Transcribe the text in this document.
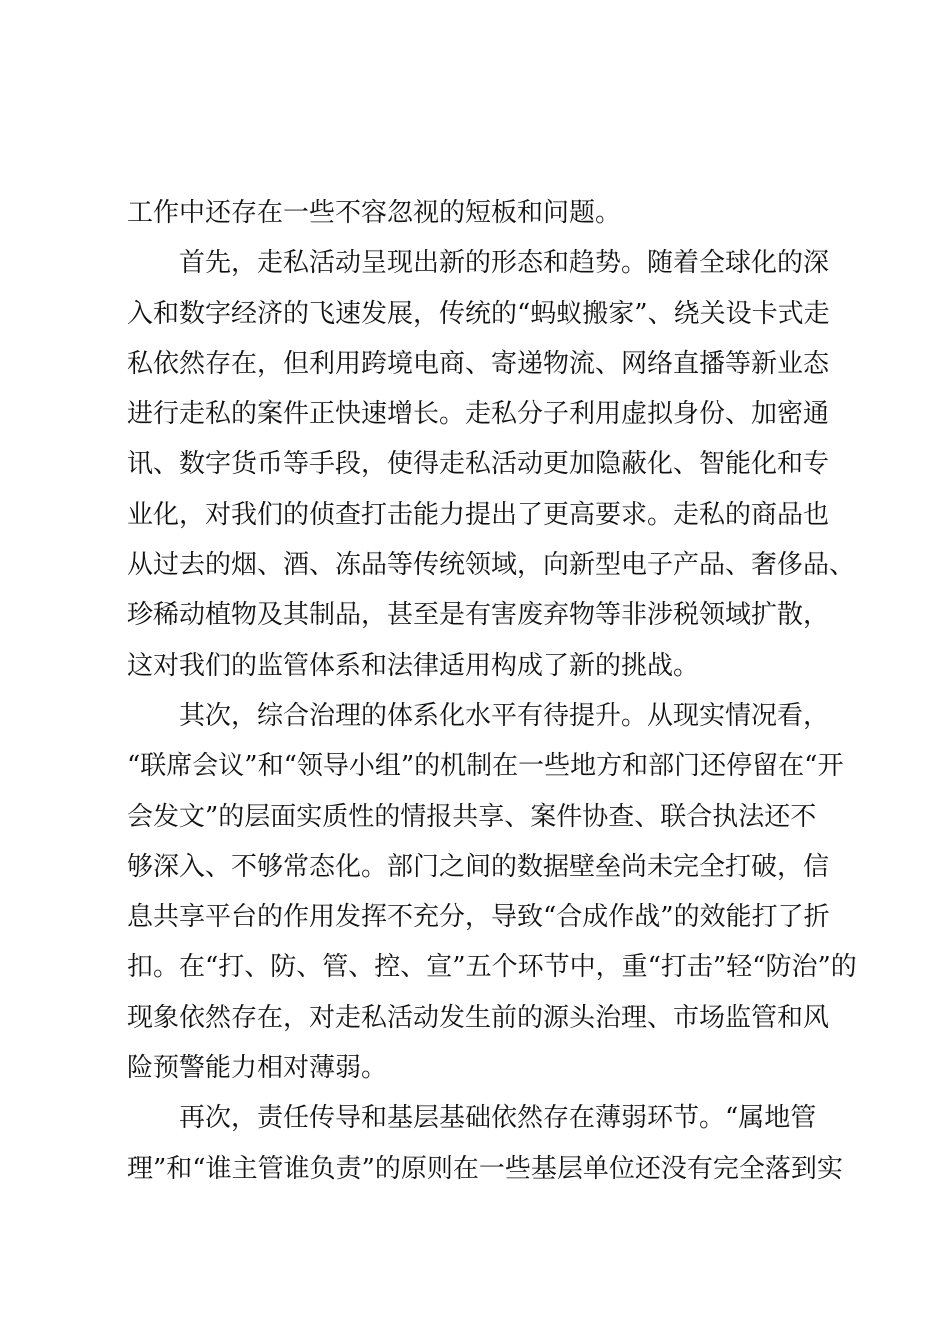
工作中还存在一些不容忽视的短板和问题。
首先，走私活动呈现出新的形态和趋势。随着全球化的深
入和数字经济的飞速发展，传统的“蚂蚁搬家”、绕关设卡式走
私依然存在，但利用跨境电商、寄递物流、网络直播等新业态
进行走私的案件正快速增长。走私分子利用虚拟身份、加密通
讯、数字货币等手段，使得走私活动更加隐蔽化、智能化和专
业化，对我们的侦查打击能力提出了更高要求。走私的商品也
从过去的烟、酒、冻品等传统领域，向新型电子产品、奢侈品、
珍稀动植物及其制品，甚至是有害废弃物等非涉税领域扩散，
这对我们的监管体系和法律适用构成了新的挑战。
其次，综合治理的体系化水平有待提升。从现实情况看，
“联席会议”和“领导小组”的机制在一些地方和部门还停留在“开
会发文”的层面实质性的情报共享、案件协查、联合执法还不
够深入、不够常态化。部门之间的数据壁垒尚未完全打破，信
息共享平台的作用发挥不充分，导致“合成作战”的效能打了折
扣。在“打、防、管、控、宣”五个环节中，重“打击”轻“防治”的
现象依然存在，对走私活动发生前的源头治理、市场监管和风
险预警能力相对薄弱。
再次，责任传导和基层基础依然存在薄弱环节。“属地管
理”和“谁主管谁负责”的原则在一些基层单位还没有完全落到实
